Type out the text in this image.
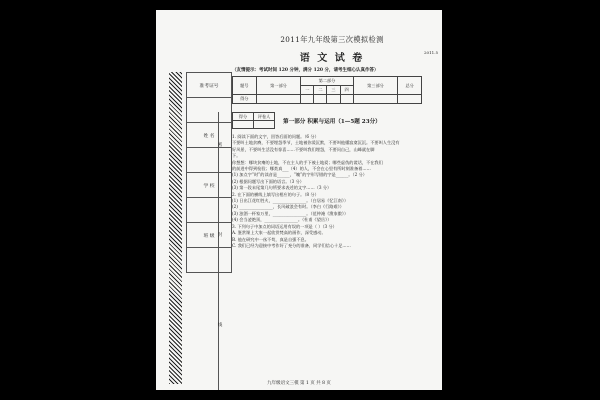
准考证号

姓 名

学 校

班 级

密
封
线
2011年九年级第三次模拟检测
语 文 试 卷
（友情提示：考试时间 120 分钟，满分 120 分，请考生细心认真作答）
题号	第一部分	第二部分				第三部分	总分
		一	二	三	四		
得分							
得分	评卷人

第一部分 积累与运用（1—5题 23分）
1. 阅读下面的文字，回答后面的问题。（6 分）
不要叫土地贫瘠，不要埋怨季节，土地被你爱沉默，不要叫他懂寂寞沉沉。不要叫人生没有
好风景，不要叫生活没有惊喜……不要叫我们埋怨，不要问自己，山峰就在脚
下。
你想想：哪块贫瘠的土地，不在主人的手下被土地爱；哪些虚伪的谎话，不在我们
的前进中得到检验；哪类真___（4）的人，不会在心里有所时刻准备着……
(1) 加点字“时”的读音是______，“魄”的字形写错的字是______。（2 分）
(2) 根据问题写出下面的语言。（3 分）
(3) 第一段末尾第几句所要求表述的文字……（3 分）
2. 在下面的横线上填写出相应的句子。（8 分）
(1) 日出江花红胜火，________________。（白居易《忆江南》）
(2) ________________，长风破浪会有时。（李白《行路难》）
(3) 浊酒一杯家万里，________________。（范仲淹《渔家傲》）
(4) 会当凌绝顶，________________。（杜甫《望岳》）
3. 下列句子中加点的词语运用有误的一项是（ ）（3 分）
A. 鉴赏课上大家一起欣赏梵高的画作，深受感动。
B. 他在研究中一丝不苟，真是自强不息。
C. 我们已经为迎接中考作好了充分的准备，同学们信心十足……
2011.5
九年级语文三模 第 1 页 共 8 页
